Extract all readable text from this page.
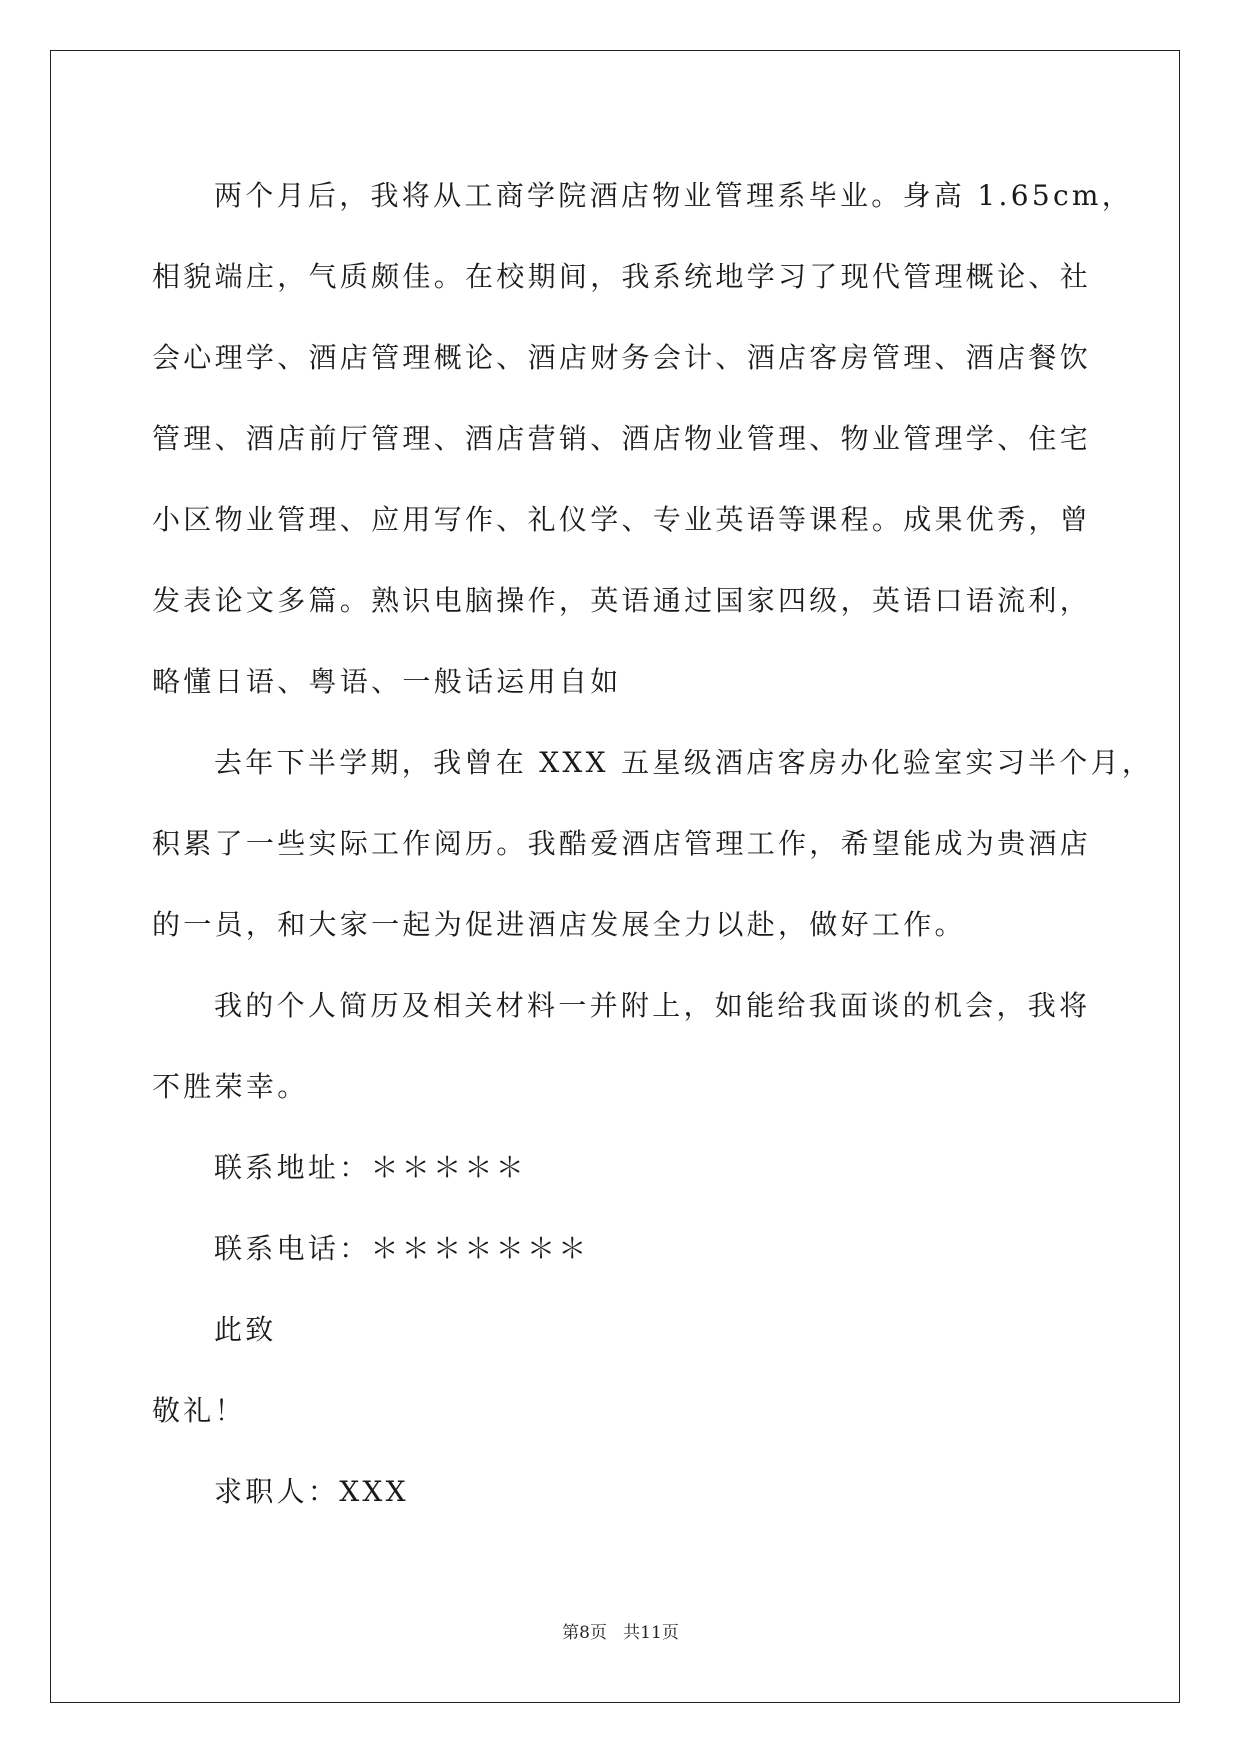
两个月后，我将从工商学院酒店物业管理系毕业。身高 1.65cm，
相貌端庄，气质颇佳。在校期间，我系统地学习了现代管理概论、社
会心理学、酒店管理概论、酒店财务会计、酒店客房管理、酒店餐饮
管理、酒店前厅管理、酒店营销、酒店物业管理、物业管理学、住宅
小区物业管理、应用写作、礼仪学、专业英语等课程。成果优秀，曾
发表论文多篇。熟识电脑操作，英语通过国家四级，英语口语流利，
略懂日语、粤语、一般话运用自如
去年下半学期，我曾在 XXX 五星级酒店客房办化验室实习半个月，
积累了一些实际工作阅历。我酷爱酒店管理工作，希望能成为贵酒店
的一员，和大家一起为促进酒店发展全力以赴，做好工作。
我的个人简历及相关材料一并附上，如能给我面谈的机会，我将
不胜荣幸。
联系地址：＊＊＊＊＊
联系电话：＊＊＊＊＊＊＊
此致
敬礼！
求职人：XXX
第8页   共11页
